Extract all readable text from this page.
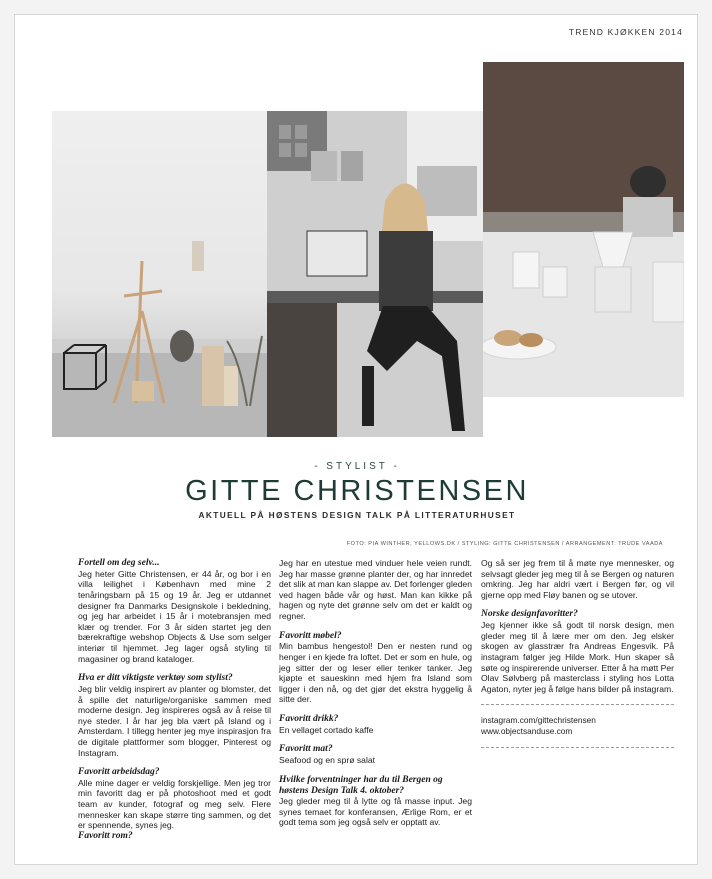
TREND KJØKKEN 2014
- STYLIST -
GITTE CHRISTENSEN
AKTUELL PÅ HØSTENS DESIGN TALK PÅ LITTERATURHUSET
FOTO: PIA WINTHER, YELLOWS.DK / STYLING: GITTE CHRISTENSEN / ARRANGEMENT: TRUDE VAADA
Fortell om deg selv...
Jeg heter Gitte Christensen, er 44 år, og bor i en villa leilighet i København med mine 2 tenåringsbarn på 15 og 19 år. Jeg er utdannet designer fra Danmarks Designskole i bekledning, og jeg har arbeidet i 15 år i motebransjen med klær og trender. For 3 år siden startet jeg den bærekraftige webshop Objects & Use som selger interiør til hjemmet. Jeg lager også styling til magasiner og brand kataloger.
Hva er ditt viktigste verktøy som stylist?
Jeg blir veldig inspirert av planter og blomster, det å spille det naturlige/organiske sammen med moderne design. Jeg inspireres også av å reise til nye steder. I år har jeg bla vært på Island og i Amsterdam. I tillegg henter jeg mye inspirasjon fra de digitale plattformer som blogger, Pinterest og Instagram.
Favoritt arbeidsdag?
Alle mine dager er veldig forskjellige. Men jeg tror min favoritt dag er på photoshoot med et godt team av kunder, fotograf og meg selv. Flere mennesker kan skape større ting sammen, og det er spennende, synes jeg.
Favoritt rom?
Jeg har en utestue med vinduer hele veien rundt. Jeg har masse grønne planter der, og har innredet det slik at man kan slappe av. Det forlenger gleden ved hagen både vår og høst. Man kan kikke på hagen og nyte det grønne selv om det er kaldt og regner.
Favoritt møbel?
Min bambus hengestol! Den er nesten rund og henger i en kjede fra loftet. Det er som en hule, og jeg sitter der og leser eller tenker tanker. Jeg kjøpte et saueskinn med hjem fra Island som ligger i den nå, og det gjør det ekstra hyggelig å sitte der.
Favoritt drikk?
En vellaget cortado kaffe
Favoritt mat?
Seafood og en sprø salat
Hvilke forventninger har du til Bergen og høstens Design Talk 4. oktober?
Jeg gleder meg til å lytte og få masse input. Jeg synes temaet for konferansen, Ærlige Rom, er et godt tema som jeg også selv er opptatt av.
Og så ser jeg frem til å møte nye mennesker, og selvsagt gleder jeg meg til å se Bergen og naturen omkring. Jeg har aldri vært i Bergen før, og vil gjerne opp med Fløy banen og se utover.
Norske designfavoritter?
Jeg kjenner ikke så godt til norsk design, men gleder meg til å lære mer om den. Jeg elsker skogen av glasstrær fra Andreas Engesvik. På instagram følger jeg Hilde Mork. Hun skaper så søte og inspirerende universer. Etter å ha møtt Per Olav Sølvberg på masterclass i styling hos Lotta Agaton, nyter jeg å følge hans bilder på instagram.
instagram.com/gittechristensen
www.objectsanduse.com
